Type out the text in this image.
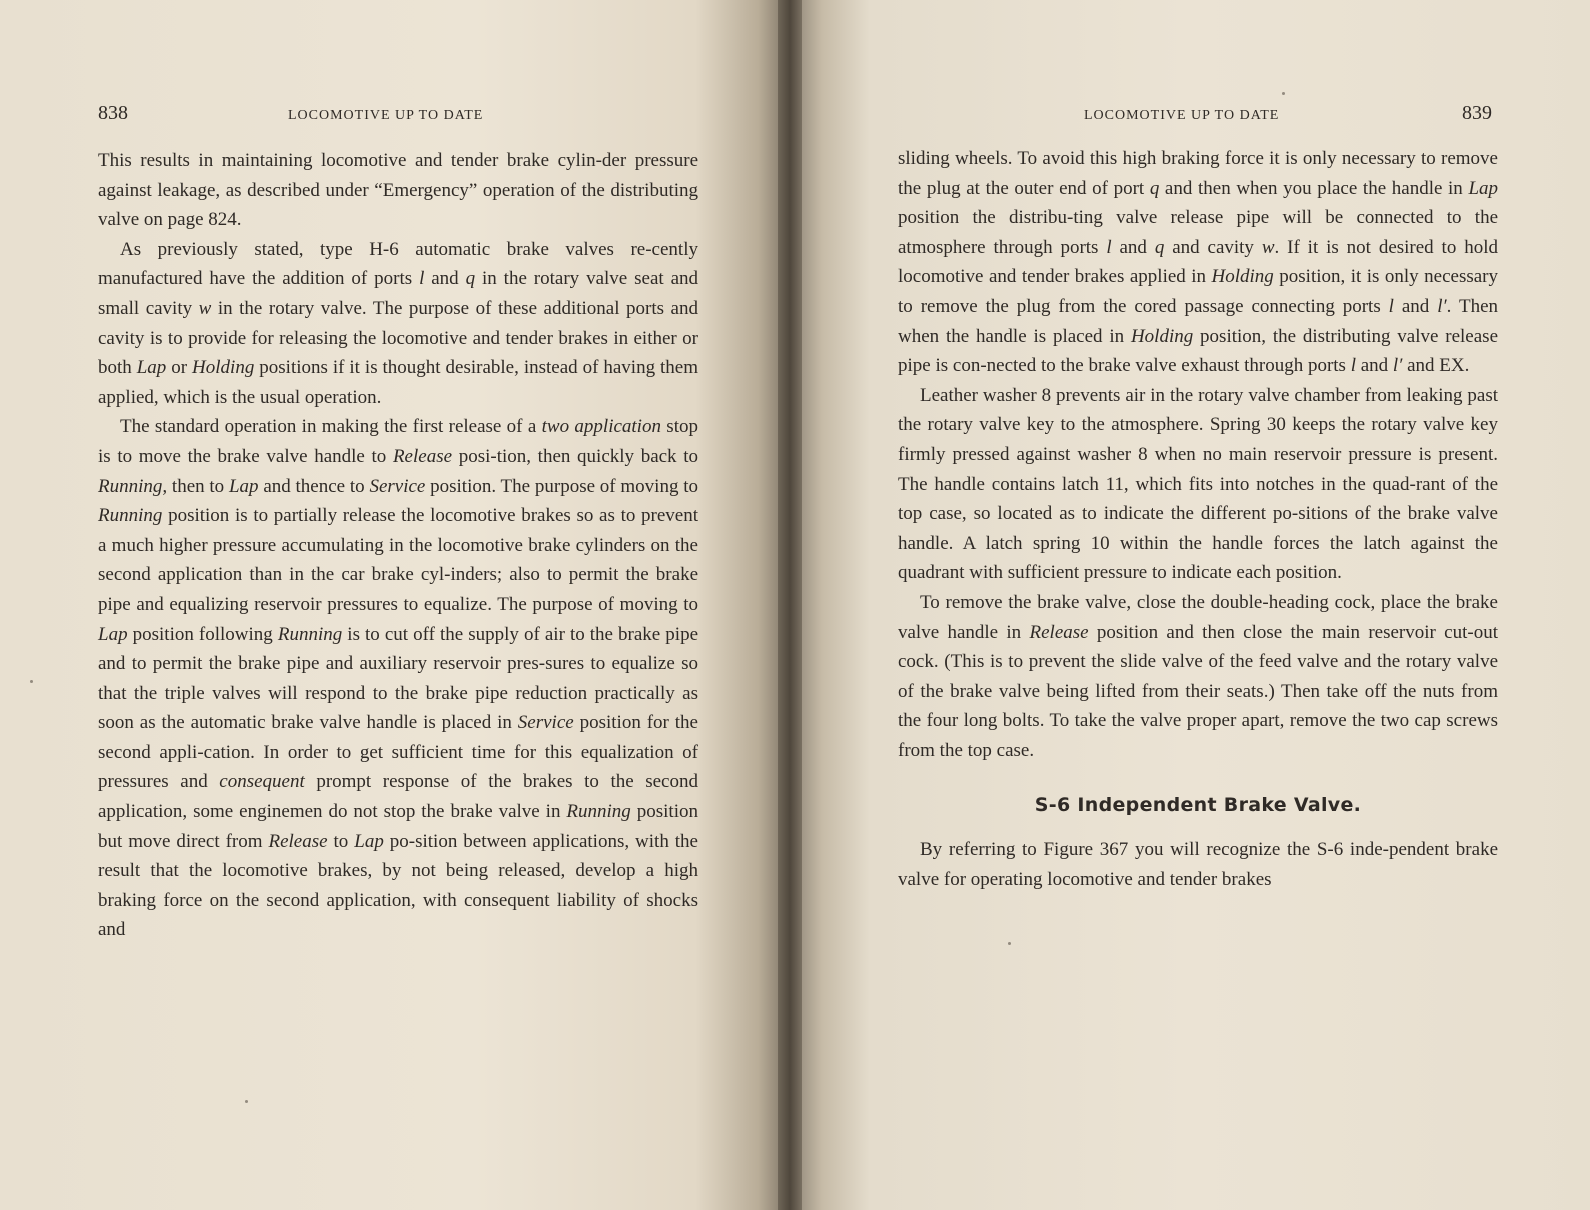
838	LOCOMOTIVE UP TO DATE

This results in maintaining locomotive and tender brake cylin-der pressure against leakage, as described under “Emergency” operation of the distributing valve on page 824.

As previously stated, type H-6 automatic brake valves re-cently manufactured have the addition of ports l and q in the rotary valve seat and small cavity w in the rotary valve. The purpose of these additional ports and cavity is to provide for releasing the locomotive and tender brakes in either or both Lap or Holding positions if it is thought desirable, instead of having them applied, which is the usual operation.

The standard operation in making the first release of a two application stop is to move the brake valve handle to Release posi-tion, then quickly back to Running, then to Lap and thence to Service position. The purpose of moving to Running position is to partially release the locomotive brakes so as to prevent a much higher pressure accumulating in the locomotive brake cylinders on the second application than in the car brake cyl-inders; also to permit the brake pipe and equalizing reservoir pressures to equalize. The purpose of moving to Lap position following Running is to cut off the supply of air to the brake pipe and to permit the brake pipe and auxiliary reservoir pres-sures to equalize so that the triple valves will respond to the brake pipe reduction practically as soon as the automatic brake valve handle is placed in Service position for the second appli-cation. In order to get sufficient time for this equalization of pressures and consequent prompt response of the brakes to the second application, some enginemen do not stop the brake valve in Running position but move direct from Release to Lap po-sition between applications, with the result that the locomotive brakes, by not being released, develop a high braking force on the second application, with consequent liability of shocks and

LOCOMOTIVE UP TO DATE	839

sliding wheels. To avoid this high braking force it is only necessary to remove the plug at the outer end of port q and then when you place the handle in Lap position the distribu-ting valve release pipe will be connected to the atmosphere through ports l and q and cavity w. If it is not desired to hold locomotive and tender brakes applied in Holding position, it is only necessary to remove the plug from the cored passage connecting ports l and l′. Then when the handle is placed in Holding position, the distributing valve release pipe is con-nected to the brake valve exhaust through ports l and l′ and EX.

Leather washer 8 prevents air in the rotary valve chamber from leaking past the rotary valve key to the atmosphere. Spring 30 keeps the rotary valve key firmly pressed against washer 8 when no main reservoir pressure is present. The handle contains latch 11, which fits into notches in the quad-rant of the top case, so located as to indicate the different po-sitions of the brake valve handle. A latch spring 10 within the handle forces the latch against the quadrant with sufficient pressure to indicate each position.

To remove the brake valve, close the double-heading cock, place the brake valve handle in Release position and then close the main reservoir cut-out cock. (This is to prevent the slide valve of the feed valve and the rotary valve of the brake valve being lifted from their seats.) Then take off the nuts from the four long bolts. To take the valve proper apart, remove the two cap screws from the top case.

S-6 Independent Brake Valve.

By referring to Figure 367 you will recognize the S-6 inde-pendent brake valve for operating locomotive and tender brakes
